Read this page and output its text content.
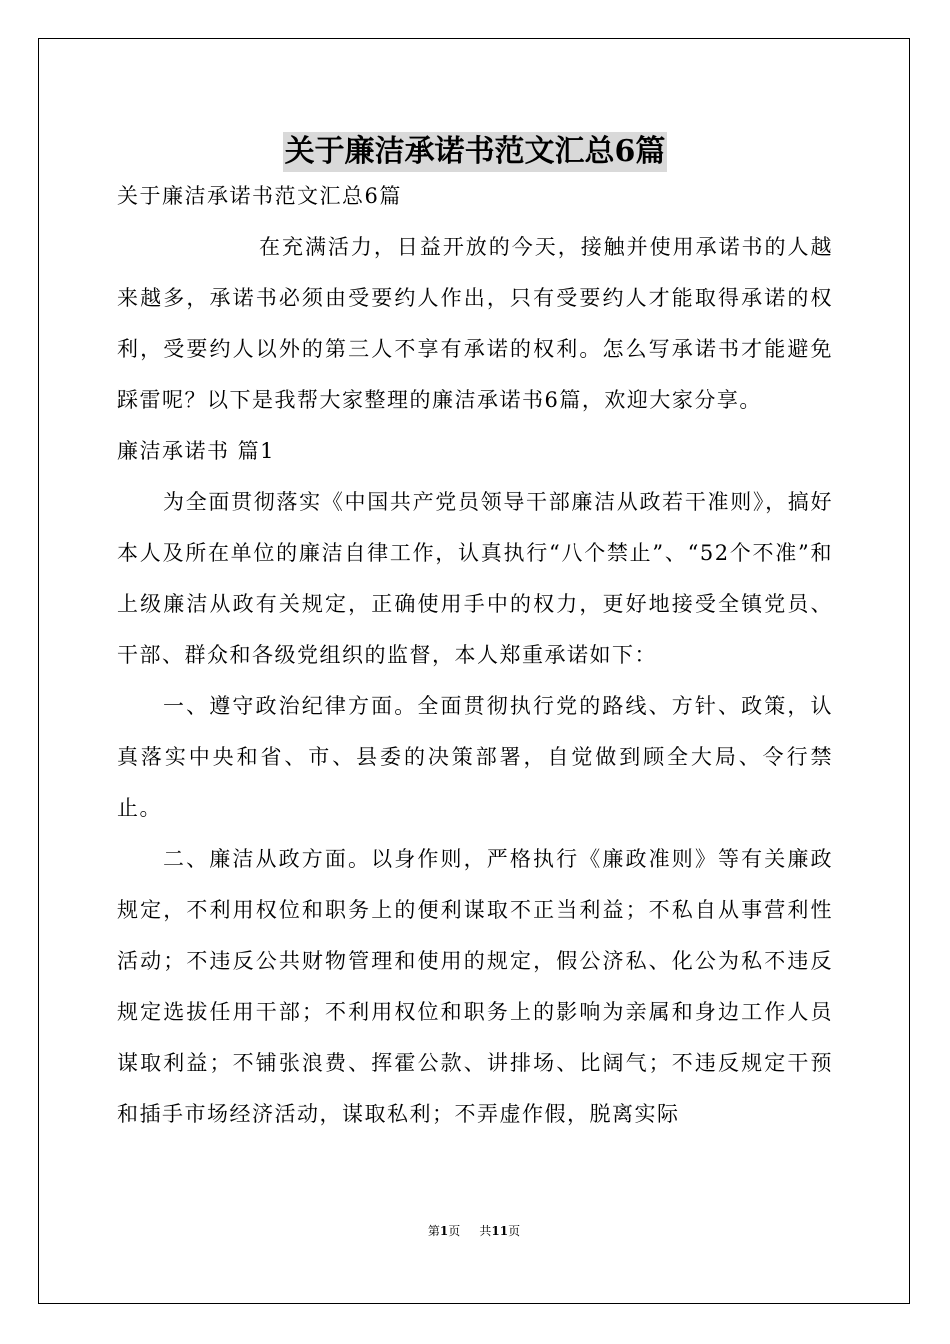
关于廉洁承诺书范文汇总6篇

关于廉洁承诺书范文汇总6篇

在充满活力，日益开放的今天，接触并使用承诺书的人越来越多，承诺书必须由受要约人作出，只有受要约人才能取得承诺的权利，受要约人以外的第三人不享有承诺的权利。怎么写承诺书才能避免踩雷呢？以下是我帮大家整理的廉洁承诺书6篇，欢迎大家分享。

廉洁承诺书 篇1

为全面贯彻落实《中国共产党员领导干部廉洁从政若干准则》，搞好本人及所在单位的廉洁自律工作，认真执行“八个禁止”、“52个不准”和上级廉洁从政有关规定，正确使用手中的权力，更好地接受全镇党员、干部、群众和各级党组织的监督，本人郑重承诺如下：

一、遵守政治纪律方面。全面贯彻执行党的路线、方针、政策，认真落实中央和省、市、县委的决策部署，自觉做到顾全大局、令行禁止。

二、廉洁从政方面。以身作则，严格执行《廉政准则》等有关廉政规定，不利用权位和职务上的便利谋取不正当利益；不私自从事营利性活动；不违反公共财物管理和使用的规定，假公济私、化公为私不违反规定选拔任用干部；不利用权位和职务上的影响为亲属和身边工作人员谋取利益；不铺张浪费、挥霍公款、讲排场、比阔气；不违反规定干预和插手市场经济活动，谋取私利；不弄虚作假，脱离实际

第1页 共11页
